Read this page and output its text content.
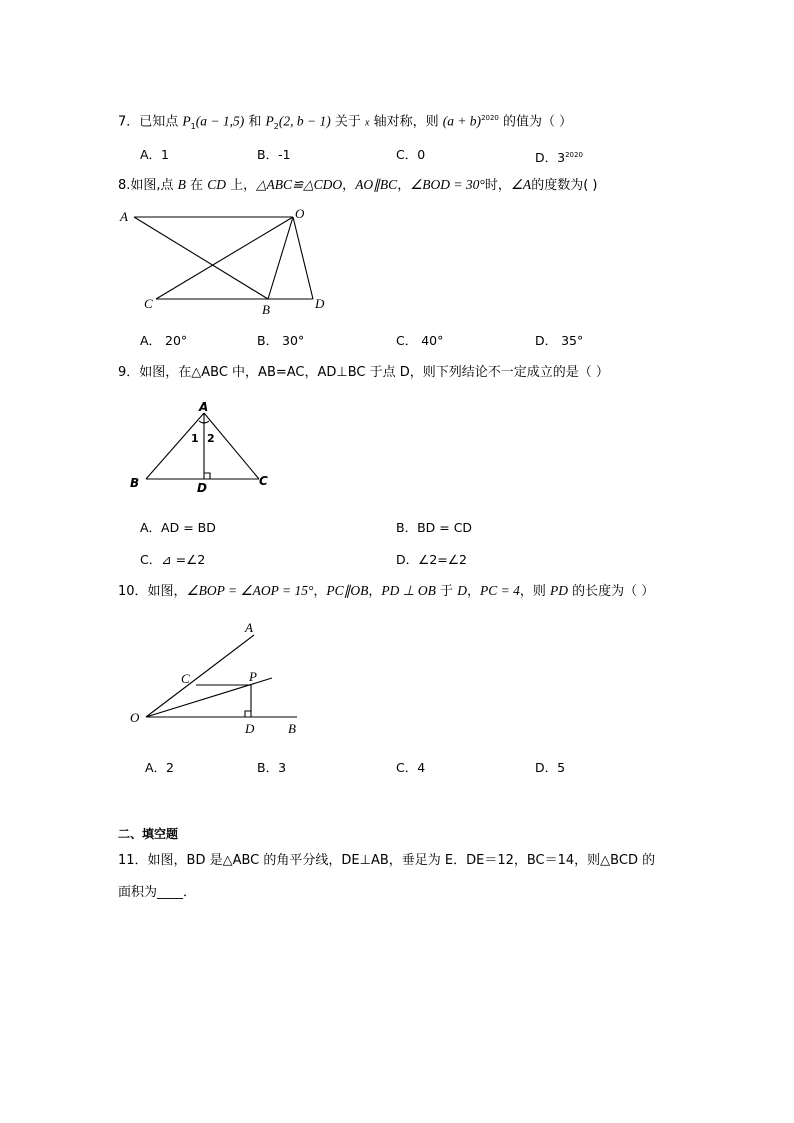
7．已知点 $P_1(a - 1,5)$ 和 $P_2(2$, b − 1) 关于 x 轴对称，则 $(a + b)^{2020}$ 的值为（ ）
A．1	B．-1	C．0	D．$3^{2020}$
8.如图,点 B 在 CD 上，△ABC≌△CDO，AO∥BC，∠BOD = 30°时，∠A的度数为( )
A	O
C	B	D
A． 20°	B． 30°	C． 40°	D． 35°
9．如图，在△ABC 中，AB=AC，AD⊥BC 于点 D，则下列结论不一定成立的是（ ）
A
B	C
D
1 2
A．AD = BD	B．BD = CD
C．⊿ =∠2	D．∠2=∠2
10．如图，∠BOP = ∠AOP = 15°，PC∥OB，PD ⊥ OB 于 D，PC = 4，则 PD 的长度为（ ）
A
C	P
O
D	B
A．2	B．3	C．4	D．5
二、填空题
11．如图，BD 是△ABC 的角平分线，DE⊥AB，垂足为 E．DE＝12，BC＝14，则△BCD 的
面积为____．
